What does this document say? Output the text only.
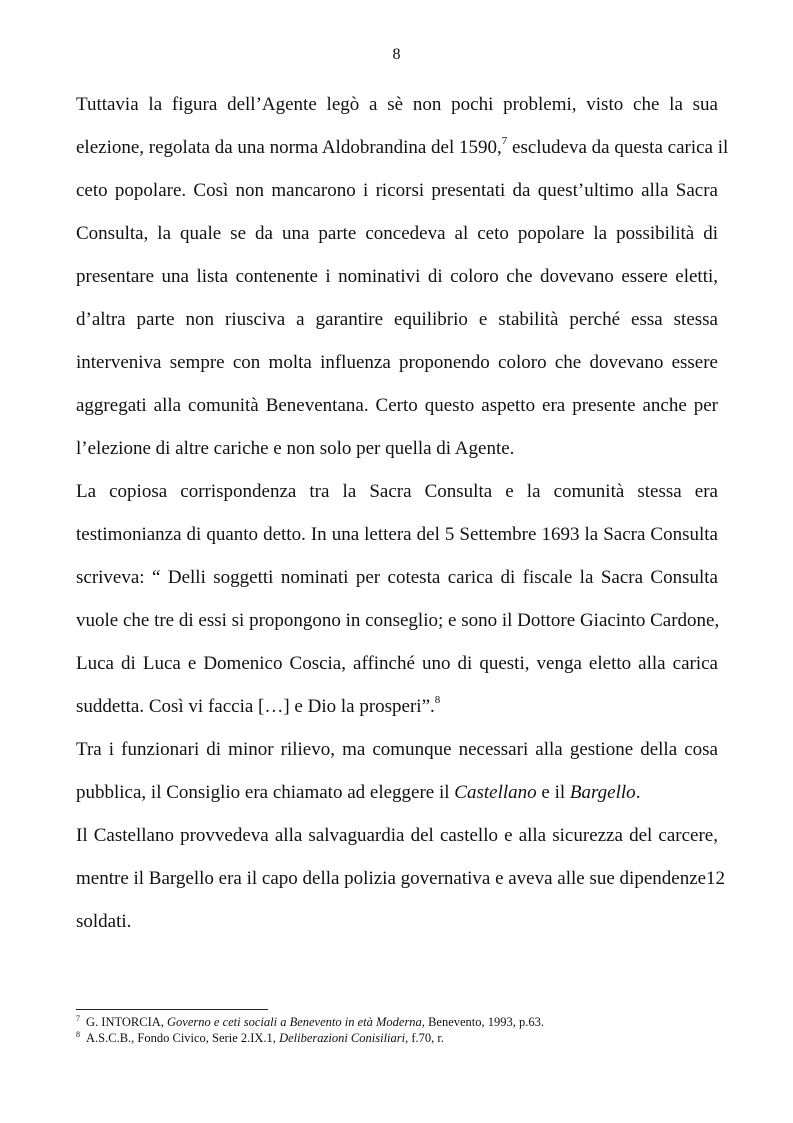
8
Tuttavia la figura dell’Agente legò a sè non pochi problemi, visto che la sua
elezione, regolata da una norma Aldobrandina del 1590,$^7$ escludeva da questa carica il
ceto popolare. Così non mancarono i ricorsi presentati da quest’ultimo alla Sacra
Consulta, la quale se da una parte concedeva al ceto popolare la possibilità di
presentare una lista contenente i nominativi di coloro che dovevano essere eletti,
d’altra parte non riusciva a garantire equilibrio e stabilità perché essa stessa
interveniva sempre con molta influenza proponendo coloro che dovevano essere
aggregati alla comunità Beneventana. Certo questo aspetto era presente anche per
l’elezione di altre cariche e non solo per quella di Agente.
La copiosa corrispondenza tra la Sacra Consulta e la comunità stessa era
testimonianza di quanto detto. In una lettera del 5 Settembre 1693 la Sacra Consulta
scriveva: “ Delli soggetti nominati per cotesta carica di fiscale la Sacra Consulta
vuole che tre di essi si propongono in conseglio; e sono il Dottore Giacinto Cardone,
Luca di Luca e Domenico Coscia, affinché uno di questi, venga eletto alla carica
suddetta. Così vi faccia […] e Dio la prosperi”.$^8$
Tra i funzionari di minor rilievo, ma comunque necessari alla gestione della cosa
pubblica, il Consiglio era chiamato ad eleggere il Castellano e il Bargello.
Il Castellano provvedeva alla salvaguardia del castello e alla sicurezza del carcere,
mentre il Bargello era il capo della polizia governativa e aveva alle sue dipendenze12
soldati.
$^7$ G. INTORCIA, Governo e ceti sociali a Benevento in età Moderna, Benevento, 1993, p.63.
$^8$ A.S.C.B., Fondo Civico, Serie 2.IX.1, Deliberazioni Conisiliari, f.70, r.
